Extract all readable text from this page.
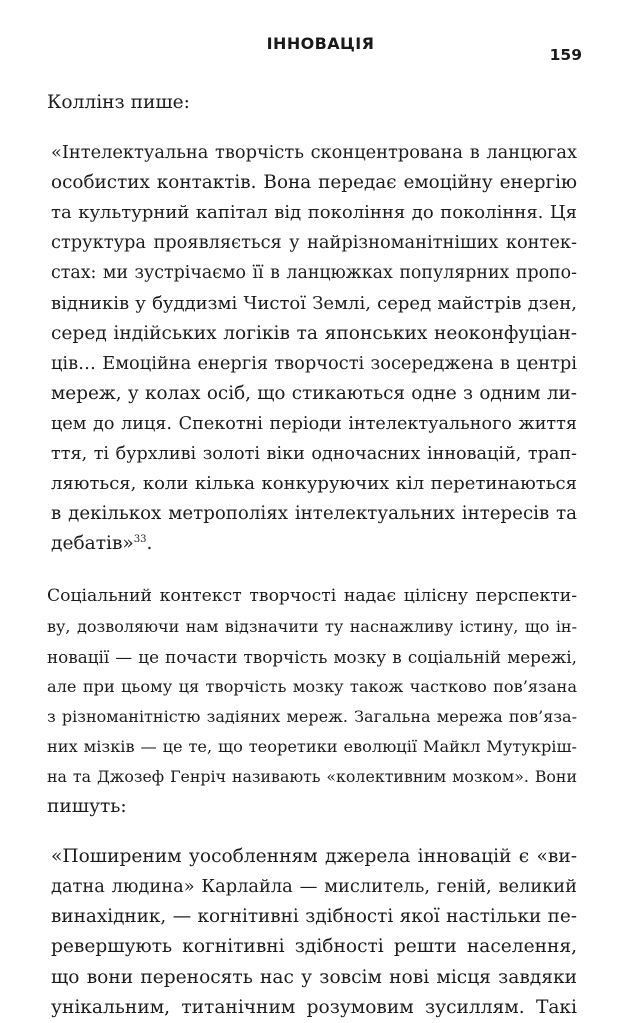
ІННОВАЦІЯ
159

Коллінз пише:

«Інтелектуальна творчість сконцентрована в ланцюгах
особистих контактів. Вона передає емоційну енергію
та культурний капітал від покоління до покоління. Ця
структура проявляється у найрізноманітніших контек-
стах: ми зустрічаємо її в ланцюжках популярних пропо-
відників у буддизмі Чистої Землі, серед майстрів дзен,
серед індійських логіків та японських неоконфуціан-
ців… Емоційна енергія творчості зосереджена в центрі
мереж, у колах осіб, що стикаються одне з одним ли-
цем до лиця. Спекотні періоди інтелектуального життя
ття, ті бурхливі золоті віки одночасних інновацій, трап-
ляються, коли кілька конкуруючих кіл перетинаються
в декількох метрополіях інтелектуальних інтересів та
дебатів»$^{33}$.

Соціальний контекст творчості надає цілісну перспекти-
ву, дозволяючи нам відзначити ту наснажливу істину, що ін-
новації — це почасти творчість мозку в соціальній мережі,
але при цьому ця творчість мозку також частково пов’язана
з різноманітністю задіяних мереж. Загальна мережа пов’яза-
них мізків — це те, що теоретики еволюції Майкл Мутукріш-
на та Джозеф Генріч називають «колективним мозком». Вони
пишуть:

«Поширеним уособленням джерела інновацій є «ви-
датна людина» Карлайла — мислитель, геній, великий
винахідник, — когнітивні здібності якої настільки пе-
ревершують когнітивні здібності решти населення,
що вони переносять нас у зовсім нові місця завдяки
унікальним, титанічним розумовим зусиллям. Такі
